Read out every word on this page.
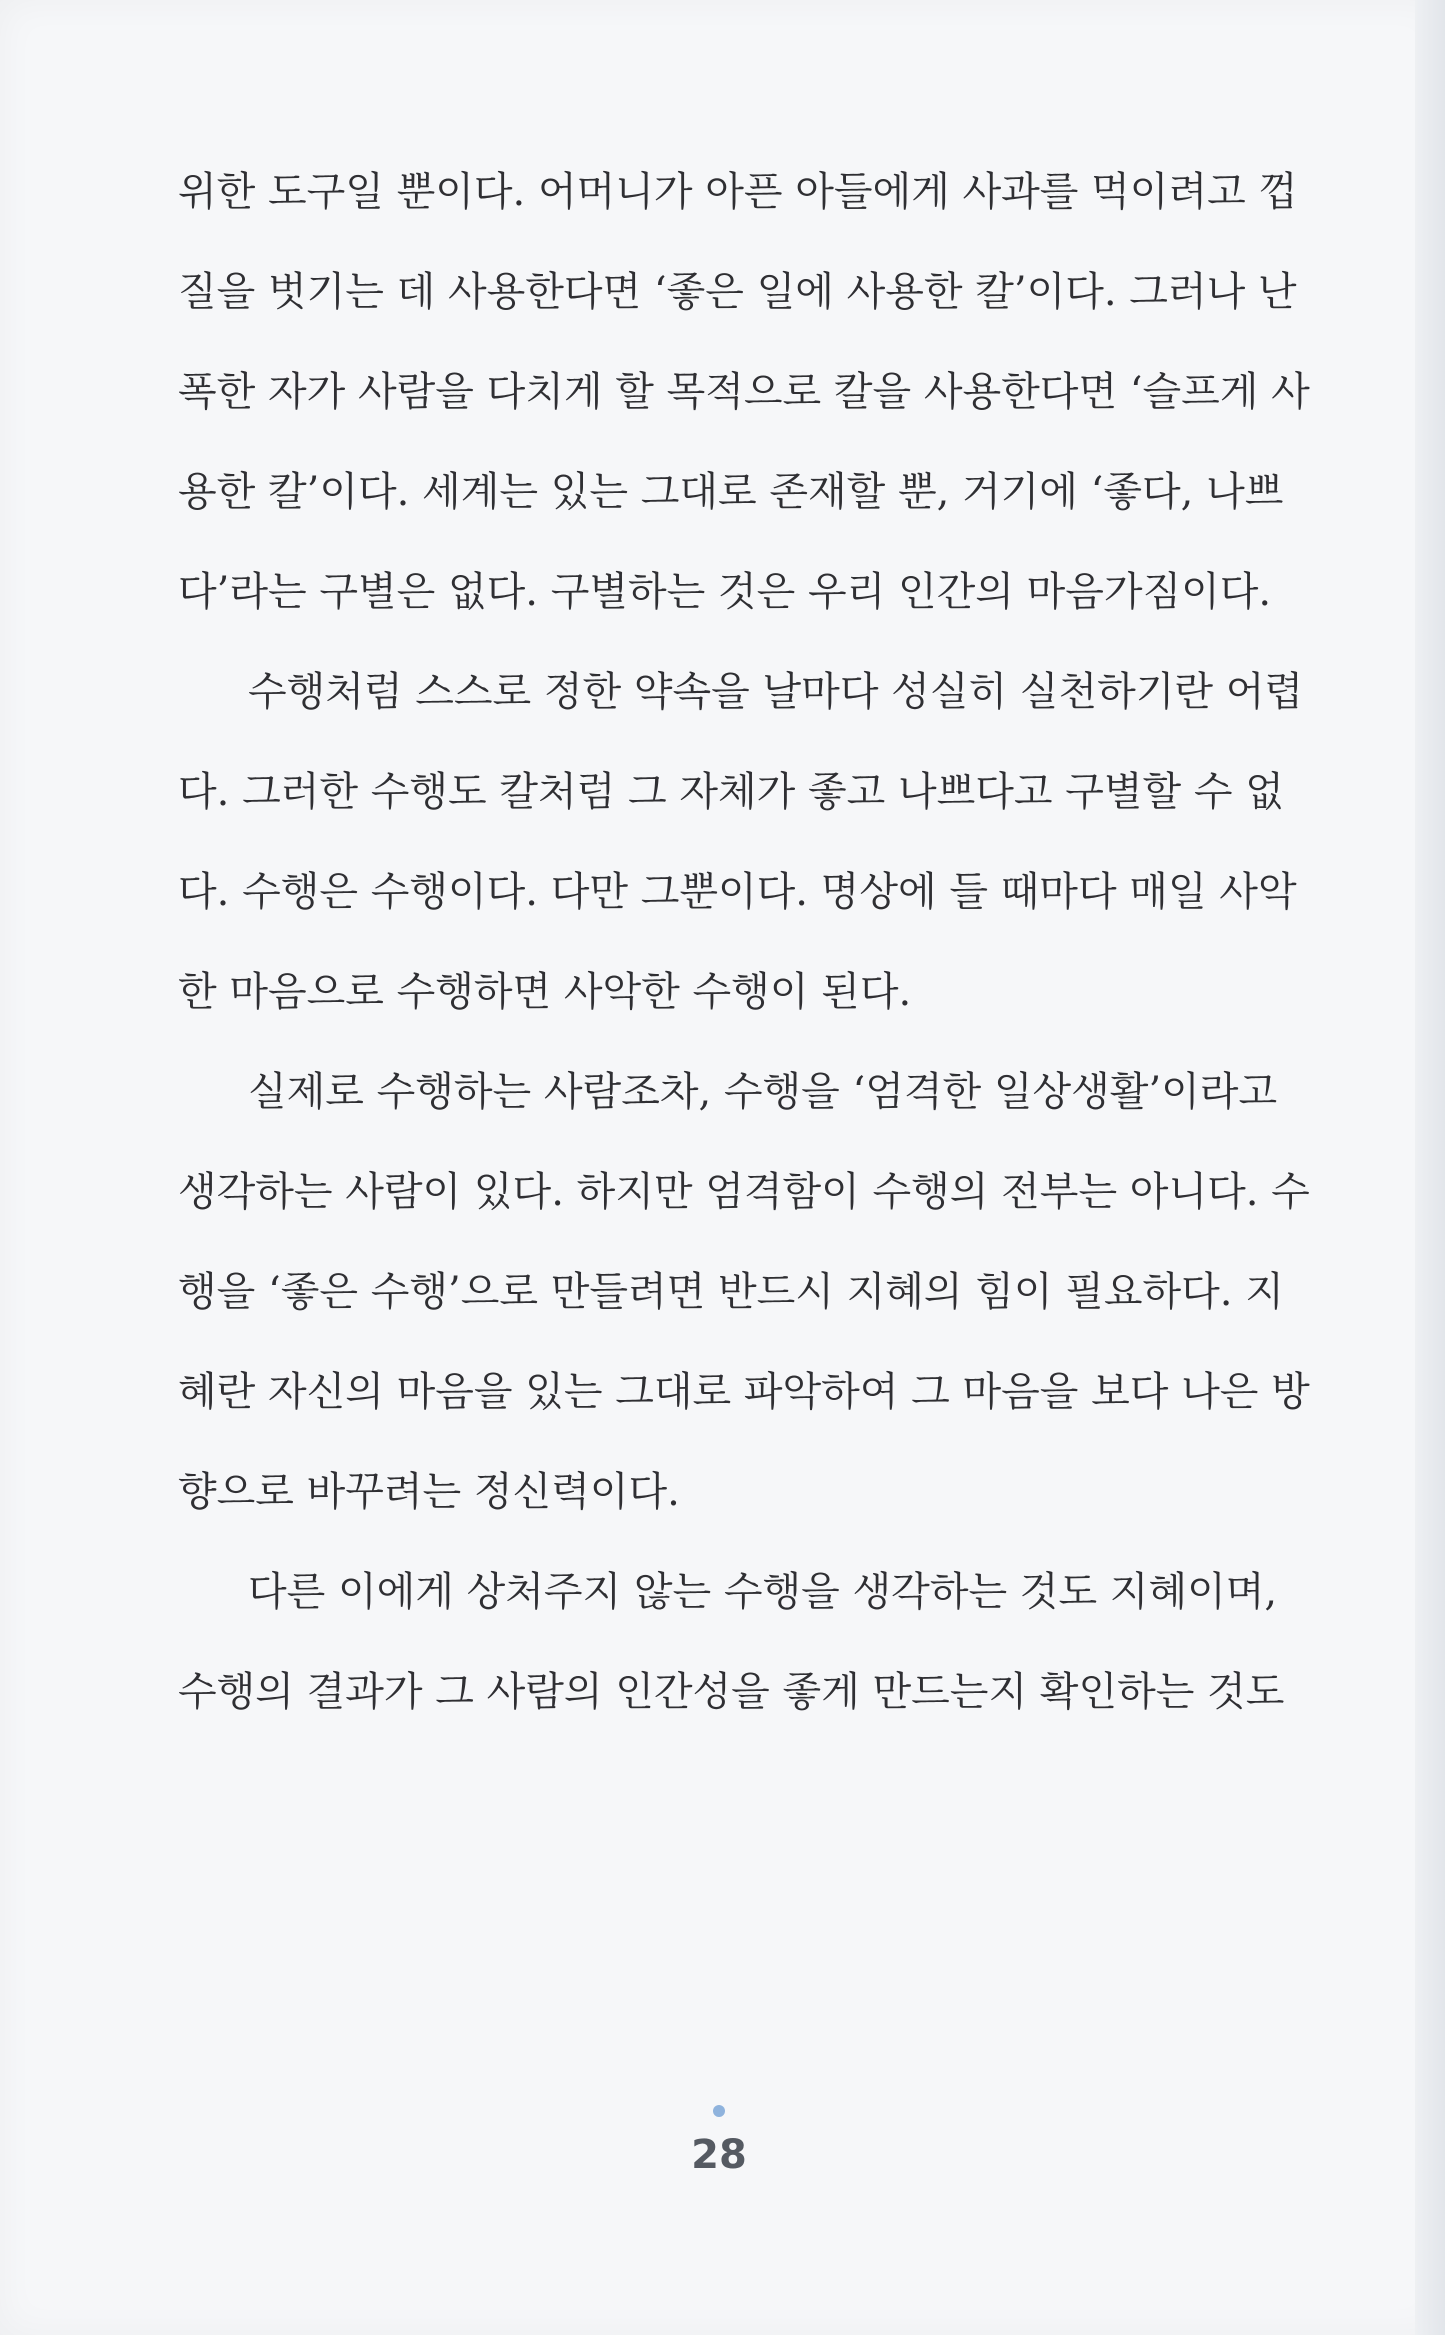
위한 도구일 뿐이다. 어머니가 아픈 아들에게 사과를 먹이려고 껍
질을 벗기는 데 사용한다면 ‘좋은 일에 사용한 칼’이다. 그러나 난
폭한 자가 사람을 다치게 할 목적으로 칼을 사용한다면 ‘슬프게 사
용한 칼’이다. 세계는 있는 그대로 존재할 뿐, 거기에 ‘좋다, 나쁘
다’라는 구별은 없다. 구별하는 것은 우리 인간의 마음가짐이다.
수행처럼 스스로 정한 약속을 날마다 성실히 실천하기란 어렵
다. 그러한 수행도 칼처럼 그 자체가 좋고 나쁘다고 구별할 수 없
다. 수행은 수행이다. 다만 그뿐이다. 명상에 들 때마다 매일 사악
한 마음으로 수행하면 사악한 수행이 된다.
실제로 수행하는 사람조차, 수행을 ‘엄격한 일상생활’이라고
생각하는 사람이 있다. 하지만 엄격함이 수행의 전부는 아니다. 수
행을 ‘좋은 수행’으로 만들려면 반드시 지혜의 힘이 필요하다. 지
혜란 자신의 마음을 있는 그대로 파악하여 그 마음을 보다 나은 방
향으로 바꾸려는 정신력이다.
다른 이에게 상처주지 않는 수행을 생각하는 것도 지혜이며,
수행의 결과가 그 사람의 인간성을 좋게 만드는지 확인하는 것도
28
